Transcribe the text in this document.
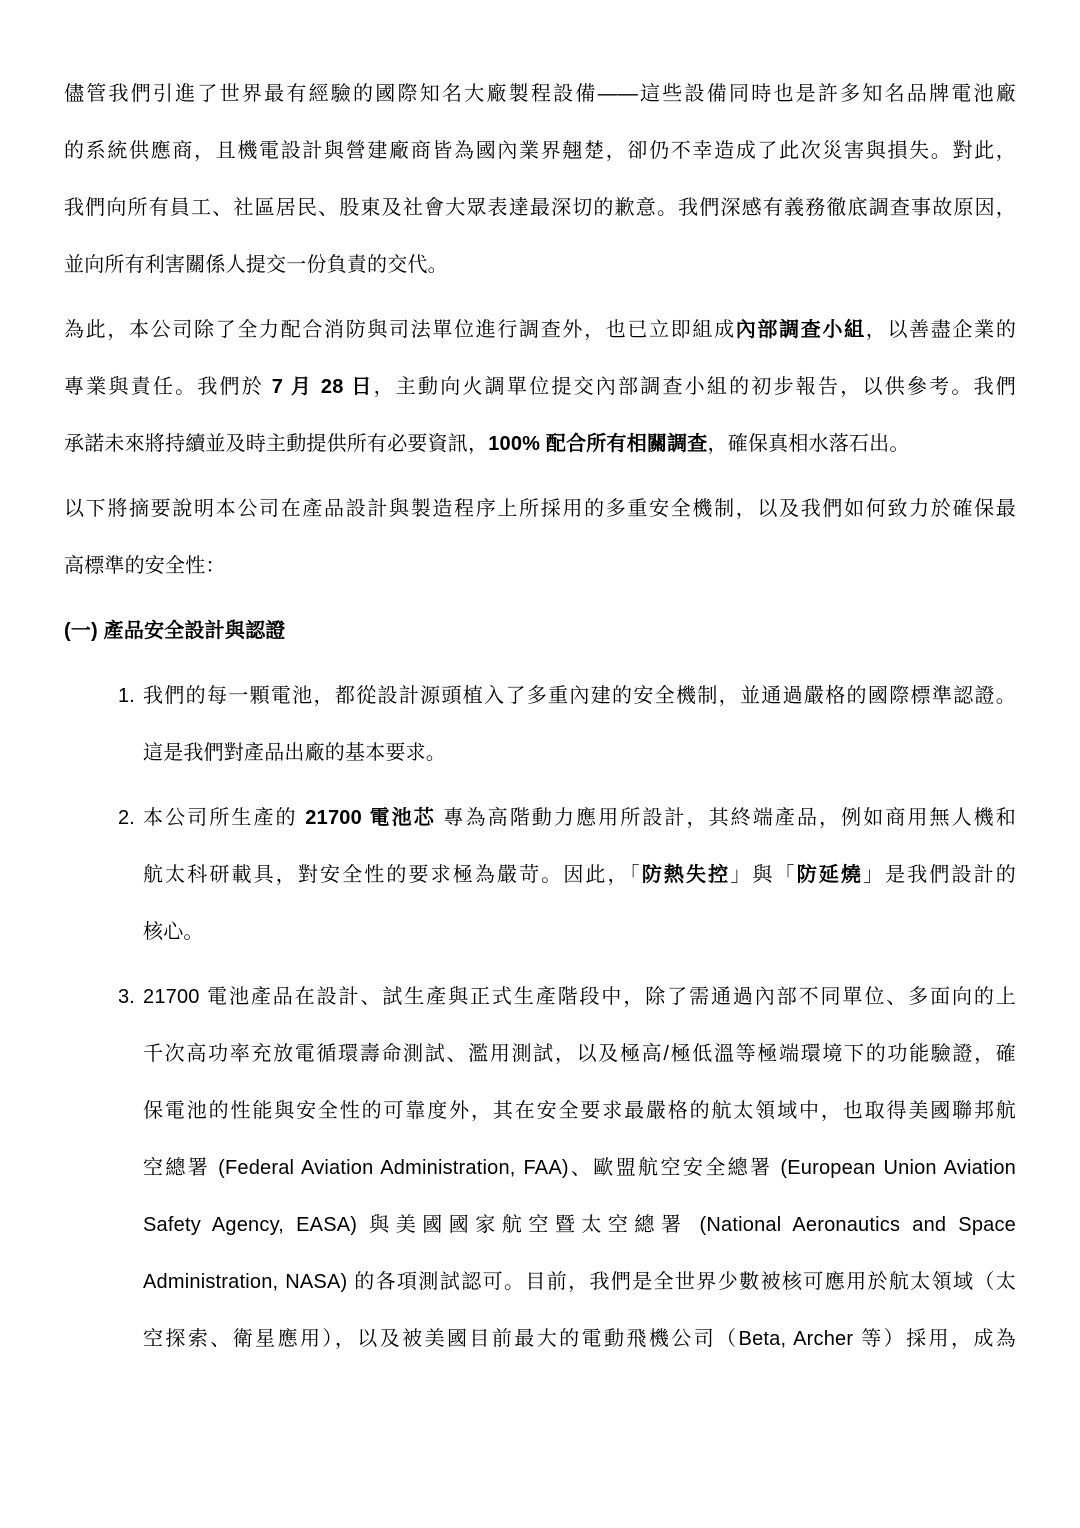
儘管我們引進了世界最有經驗的國際知名大廠製程設備——這些設備同時也是許多知名品牌電池廠
的系統供應商，且機電設計與營建廠商皆為國內業界翹楚，卻仍不幸造成了此次災害與損失。對此，
我們向所有員工、社區居民、股東及社會大眾表達最深切的歉意。我們深感有義務徹底調查事故原因，
並向所有利害關係人提交一份負責的交代。
為此，本公司除了全力配合消防與司法單位進行調查外，也已立即組成內部調查小組，以善盡企業的
專業與責任。我們於 7 月 28 日，主動向火調單位提交內部調查小組的初步報告，以供參考。我們
承諾未來將持續並及時主動提供所有必要資訊，100% 配合所有相關調查，確保真相水落石出。
以下將摘要說明本公司在產品設計與製造程序上所採用的多重安全機制，以及我們如何致力於確保最
高標準的安全性：
(一) 產品安全設計與認證
1. 我們的每一顆電池，都從設計源頭植入了多重內建的安全機制，並通過嚴格的國際標準認證。
這是我們對產品出廠的基本要求。
2. 本公司所生產的 21700 電池芯 專為高階動力應用所設計，其終端產品，例如商用無人機和
航太科研載具，對安全性的要求極為嚴苛。因此，「防熱失控」與「防延燒」是我們設計的
核心。
3. 21700 電池產品在設計、試生產與正式生產階段中，除了需通過內部不同單位、多面向的上
千次高功率充放電循環壽命測試、濫用測試，以及極高/極低溫等極端環境下的功能驗證，確
保電池的性能與安全性的可靠度外，其在安全要求最嚴格的航太領域中，也取得美國聯邦航
空總署 (Federal Aviation Administration, FAA)、歐盟航空安全總署 (European Union Aviation
Safety Agency, EASA) 與美國國家航空暨太空總署 (National Aeronautics and Space
Administration, NASA) 的各項測試認可。目前，我們是全世界少數被核可應用於航太領域（太
空探索、衛星應用），以及被美國目前最大的電動飛機公司（Beta, Archer 等）採用，成為
